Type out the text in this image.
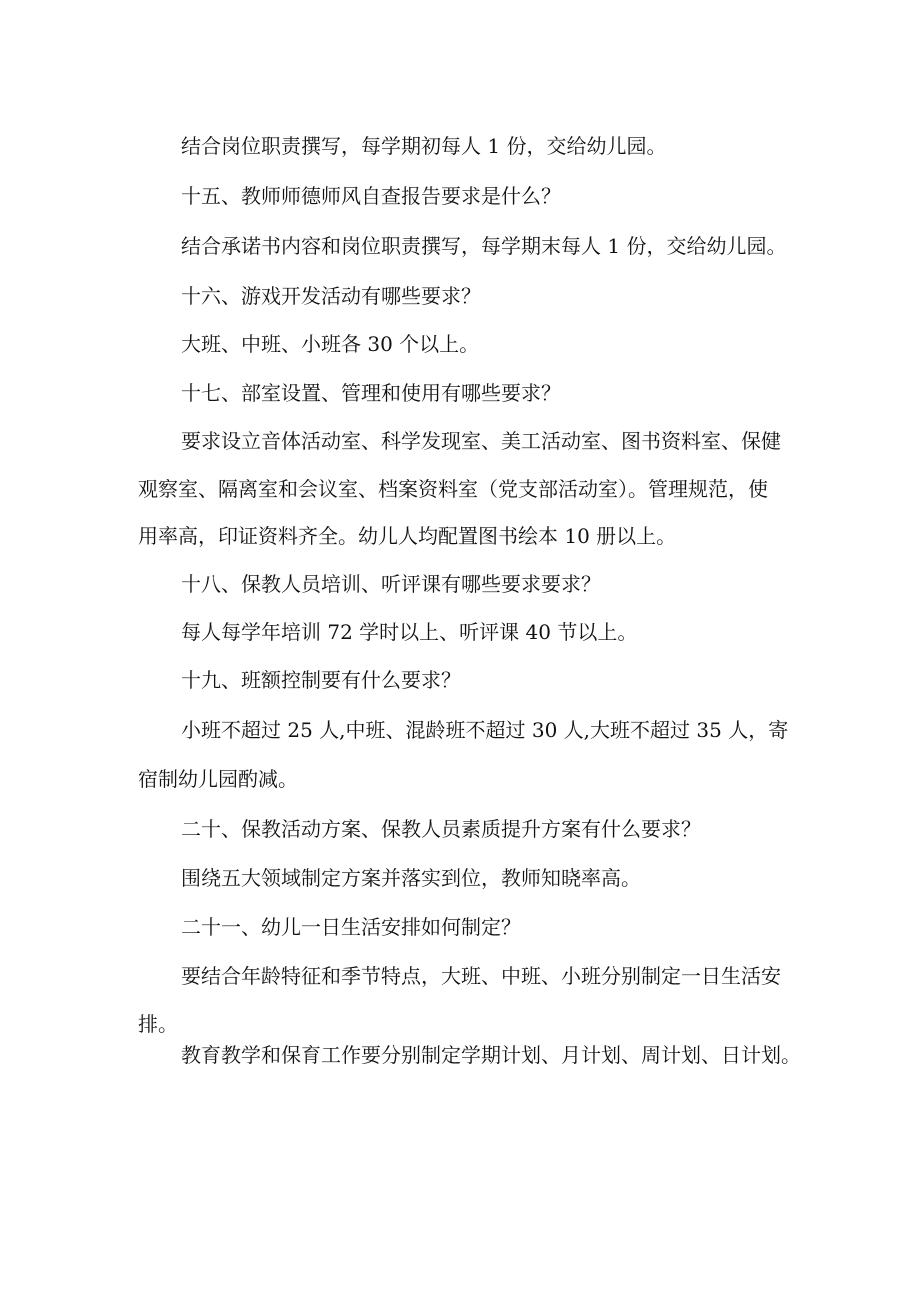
结合岗位职责撰写，每学期初每人 1 份，交给幼儿园。
十五、教师师德师风自查报告要求是什么？
结合承诺书内容和岗位职责撰写，每学期末每人 1 份，交给幼儿园。
十六、游戏开发活动有哪些要求？
大班、中班、小班各 30 个以上。
十七、部室设置、管理和使用有哪些要求？
要求设立音体活动室、科学发现室、美工活动室、图书资料室、保健
观察室、隔离室和会议室、档案资料室（党支部活动室）。管理规范，使
用率高，印证资料齐全。幼儿人均配置图书绘本 10 册以上。
十八、保教人员培训、听评课有哪些要求要求？
每人每学年培训 72 学时以上、听评课 40 节以上。
十九、班额控制要有什么要求？
小班不超过 25 人,中班、混龄班不超过 30 人,大班不超过 35 人，寄
宿制幼儿园酌减。
二十、保教活动方案、保教人员素质提升方案有什么要求？
围绕五大领域制定方案并落实到位，教师知晓率高。
二十一、幼儿一日生活安排如何制定？
要结合年龄特征和季节特点，大班、中班、小班分别制定一日生活安
排。
教育教学和保育工作要分别制定学期计划、月计划、周计划、日计划。
